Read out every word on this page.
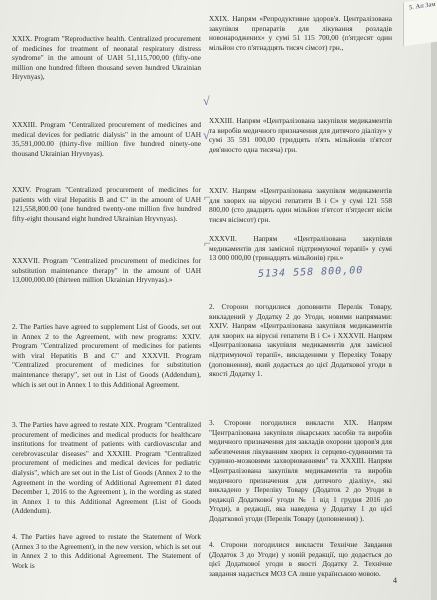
5. Ап 3ам

XXIX. Program "Reproductive health. Centralized procurement of medicines for treatment of neonatal respiratory distress syndrome" in the amount of UAH 51,115,700,00 (fifty-one million one hundred fifteen thousand seven hundred Ukrainian Hryvnyas),

XXXIII. Program "Centralized procurement of medicines and medical devices for pediatric dialysis" in the amount of UAH 35,591,000.00 (thirty-five million five hundred ninety-one thousand Ukrainian Hryvnyas).

XXIV. Program "Centralized procurement of medicines for patients with viral Hepatitis B and C" in the amount of UAH 121,558,800.00 (one hundred twenty-one million five hundred fifty-eight thousand eight hundred Ukrainian Hryvnyas).

XXXVII. Program "Centralized procurement of medicines for substitution maintenance therapy" in the amount of UAH 13,000,000.00 (thirteen million Ukrainian Hryvnyas).»

2. The Parties have agreed to supplement List of Goods, set out in Annex 2 to the Agreement, with new programs: XXIV. Program "Centralized procurement of medicines for patients with viral Hepatitis B and C" and XXXVII. Program "Centralized procurement of medicines for substitution maintenance therapy", set out in List of Goods (Addendum), which is set out in Annex 1 to this Additional Agreement.

3. The Parties have agreed to restate XIX. Program "Centralized procurement of medicines and medical products for healthcare institutions for treatment of patients with cardiovascular and cerebrovascular diseases" and XXXIII. Program "Centralized procurement of medicines and medical devices for pediatric dialysis", which are set out in the List of Goods (Annex 2 to the Agreement in the wording of Additional Agreement #1 dated December 1, 2016 to the Agreement ), in the wording as stated in Annex 1 to this Additional Agreement (List of Goods (Addendum).

4. The Parties have agreed to restate the Statement of Work (Annex 3 to the Agreement), in the new version, which is set out in Annex 2 to this Additional Agreement. The Statement of Work is

XXIX. Напрям «Репродуктивне здоров'я. Централізована закупівля препаратів для лікування розладів новонароджених» у сумі 51 115 700,00 (п'ятдесят один мільйон сто п'ятнадцять тисяч сімсот) грн.,

XXXIII. Напрям «Централізована закупівля медикаментів та виробів медичного призначення для дитячого діалізу» у сумі 35 591 000,00 (тридцять п'ять мільйонів п'ятсот дев'яносто одна тисяча) грн.

XXIV. Напрям «Централізована закупівля медикаментів для хворих на вірусні гепатити В і С» у сумі 121 558 800,00 (сто двадцять один мільйон п'ятсот п'ятдесят вісім тисяч вісімсот) грн.

XXXVII. Напрям «Централізована закупівля медикаментів для замісної підтримуючої терапії» у сумі 13 000 000,00 (тринадцять мільйонів) грн.»

2. Сторони погодилися доповнити Перелік Товару, викладений у Додатку 2 до Угоди, новими напрямами: XXIV. Напрям «Централізована закупівля медикаментів для хворих на вірусні гепатити В і С» і XXXVII. Напрям «Централізована закупівля медикаментів для замісної підтримуючої терапії», викладеними у Переліку Товару (доповнення), який додається до цієї Додаткової угоди в якості Додатку 1.

3. Сторони погодилися викласти XIX. Напрям "Централізована закупівля лікарських засобів та виробів медичного призначення для закладів охорони здоров'я для забезпечення лікуванням хворих із серцево-судинними та судинно-мозковими захворюваннями" та XXXIII. Напрям «Централізована закупівля медикаментів та виробів медичного призначення для дитячого діалізу», які викладено у Переліку Товару (Додаток 2 до Угоди в редакції Додаткової угоди № 1 від 1 грудня 2016 до Угоди), в редакції, яка наведена у Додатку 1 до цієї Додаткової угоди (Перелік Товару (доповнення) ).

4. Сторони погодилися викласти Технічне Завдання (Додаток 3 до Угоди) у новій редакції, що додається до цієї Додаткової угоди в якості Додатку 2. Технічне завдання надається МОЗ СА лише українською мовою.

5134 558 800,00
√
√
⌐
⌐
4
